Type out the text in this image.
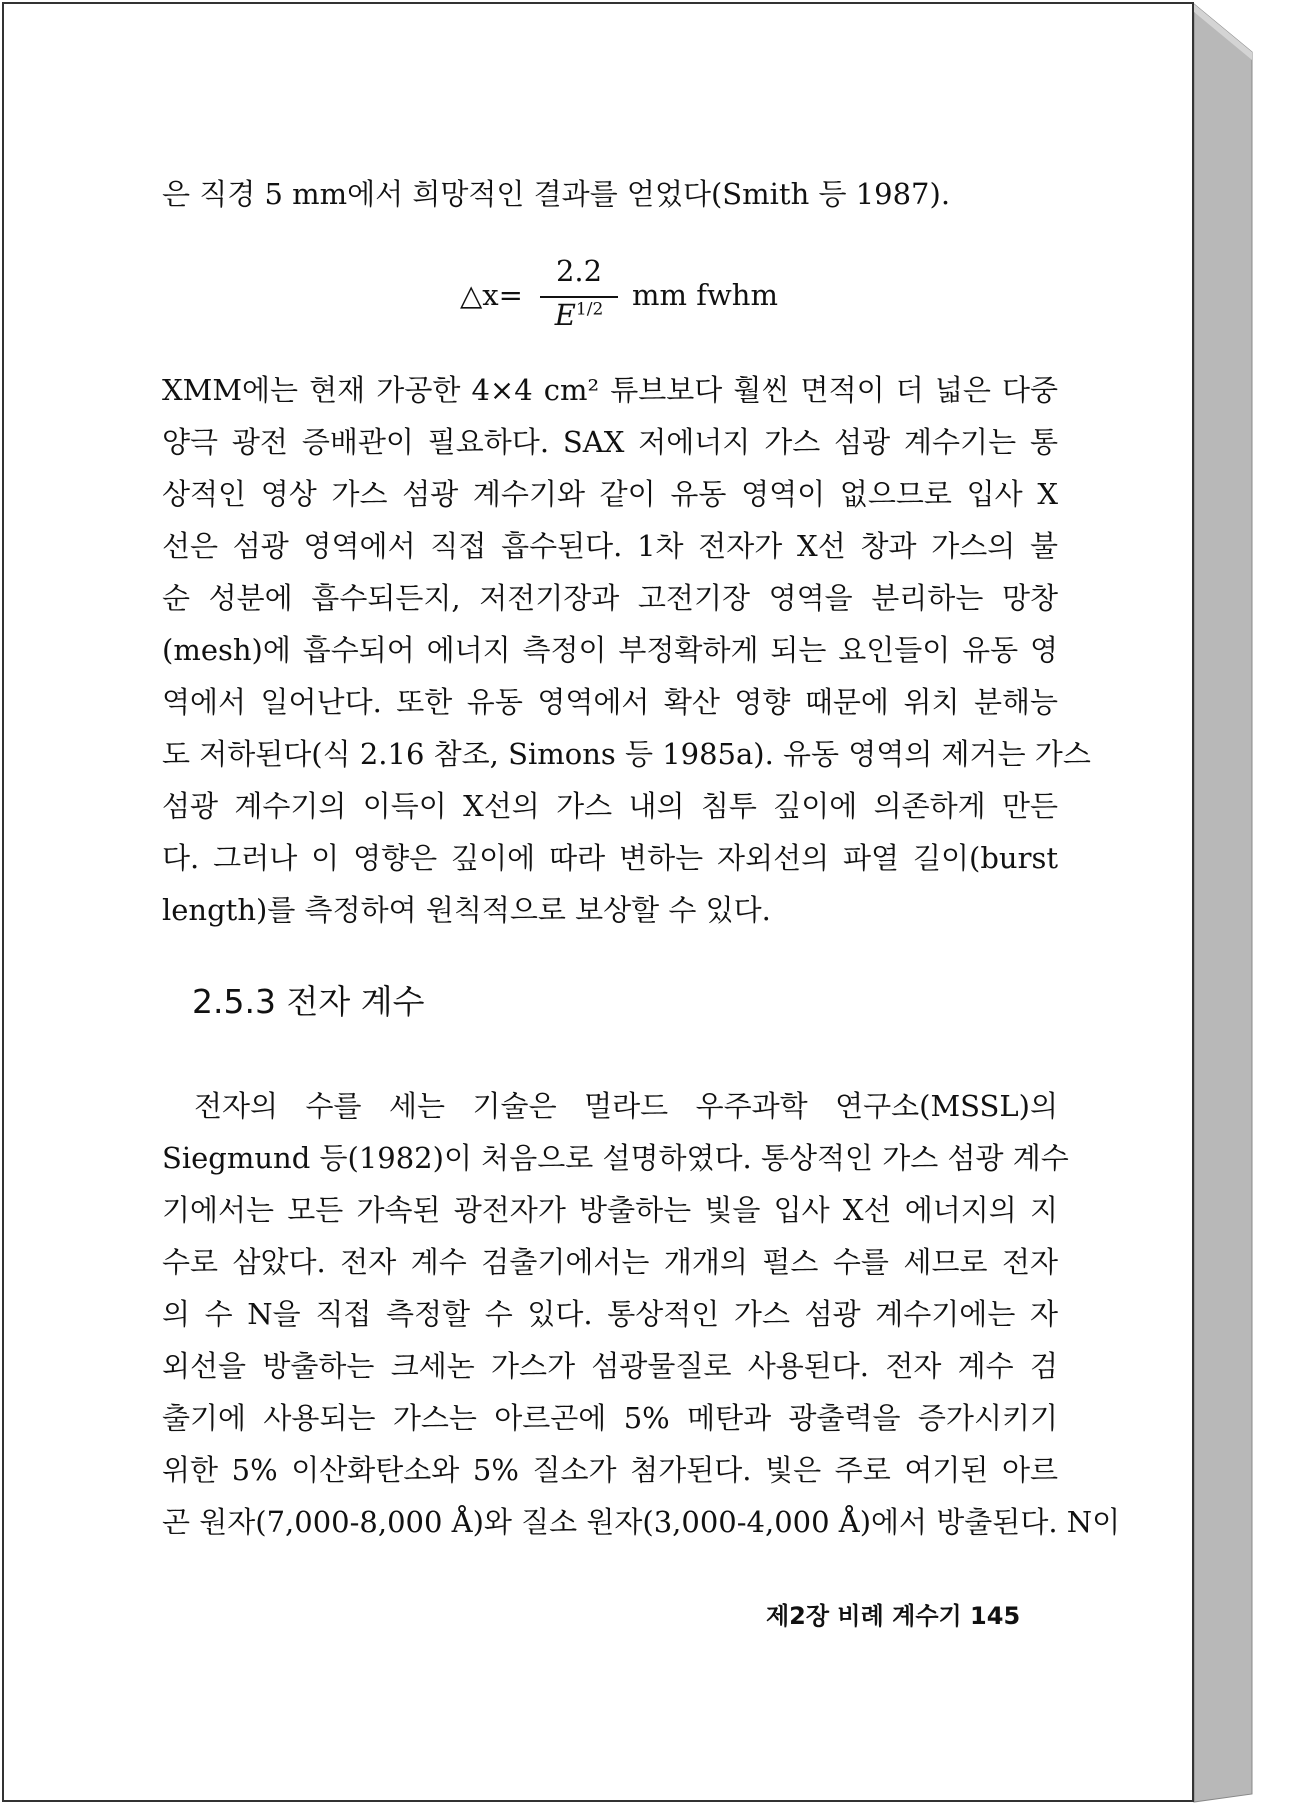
은 직경 5 mm에서 희망적인 결과를 얻었다(Smith 등 1987).
△x=
2.2
$E^{1/2}$ mm fwhm
XMM에는 현재 가공한 4×4 cm² 튜브보다 훨씬 면적이 더 넓은 다중
양극 광전 증배관이 필요하다. SAX 저에너지 가스 섬광 계수기는 통
상적인 영상 가스 섬광 계수기와 같이 유동 영역이 없으므로 입사 X
선은 섬광 영역에서 직접 흡수된다. 1차 전자가 X선 창과 가스의 불
순 성분에 흡수되든지, 저전기장과 고전기장 영역을 분리하는 망창
(mesh)에 흡수되어 에너지 측정이 부정확하게 되는 요인들이 유동 영
역에서 일어난다. 또한 유동 영역에서 확산 영향 때문에 위치 분해능
도 저하된다(식 2.16 참조, Simons 등 1985a). 유동 영역의 제거는 가스
섬광 계수기의 이득이 X선의 가스 내의 침투 깊이에 의존하게 만든
다. 그러나 이 영향은 깊이에 따라 변하는 자외선의 파열 길이(burst
length)를 측정하여 원칙적으로 보상할 수 있다.
2.5.3 전자 계수
전자의 수를 세는 기술은 멀라드 우주과학 연구소(MSSL)의
Siegmund 등(1982)이 처음으로 설명하였다. 통상적인 가스 섬광 계수
기에서는 모든 가속된 광전자가 방출하는 빛을 입사 X선 에너지의 지
수로 삼았다. 전자 계수 검출기에서는 개개의 펄스 수를 세므로 전자
의 수 N을 직접 측정할 수 있다. 통상적인 가스 섬광 계수기에는 자
외선을 방출하는 크세논 가스가 섬광물질로 사용된다. 전자 계수 검
출기에 사용되는 가스는 아르곤에 5% 메탄과 광출력을 증가시키기
위한 5% 이산화탄소와 5% 질소가 첨가된다. 빛은 주로 여기된 아르
곤 원자(7,000-8,000 Å)와 질소 원자(3,000-4,000 Å)에서 방출된다. N이
제2장 비례 계수기 145
